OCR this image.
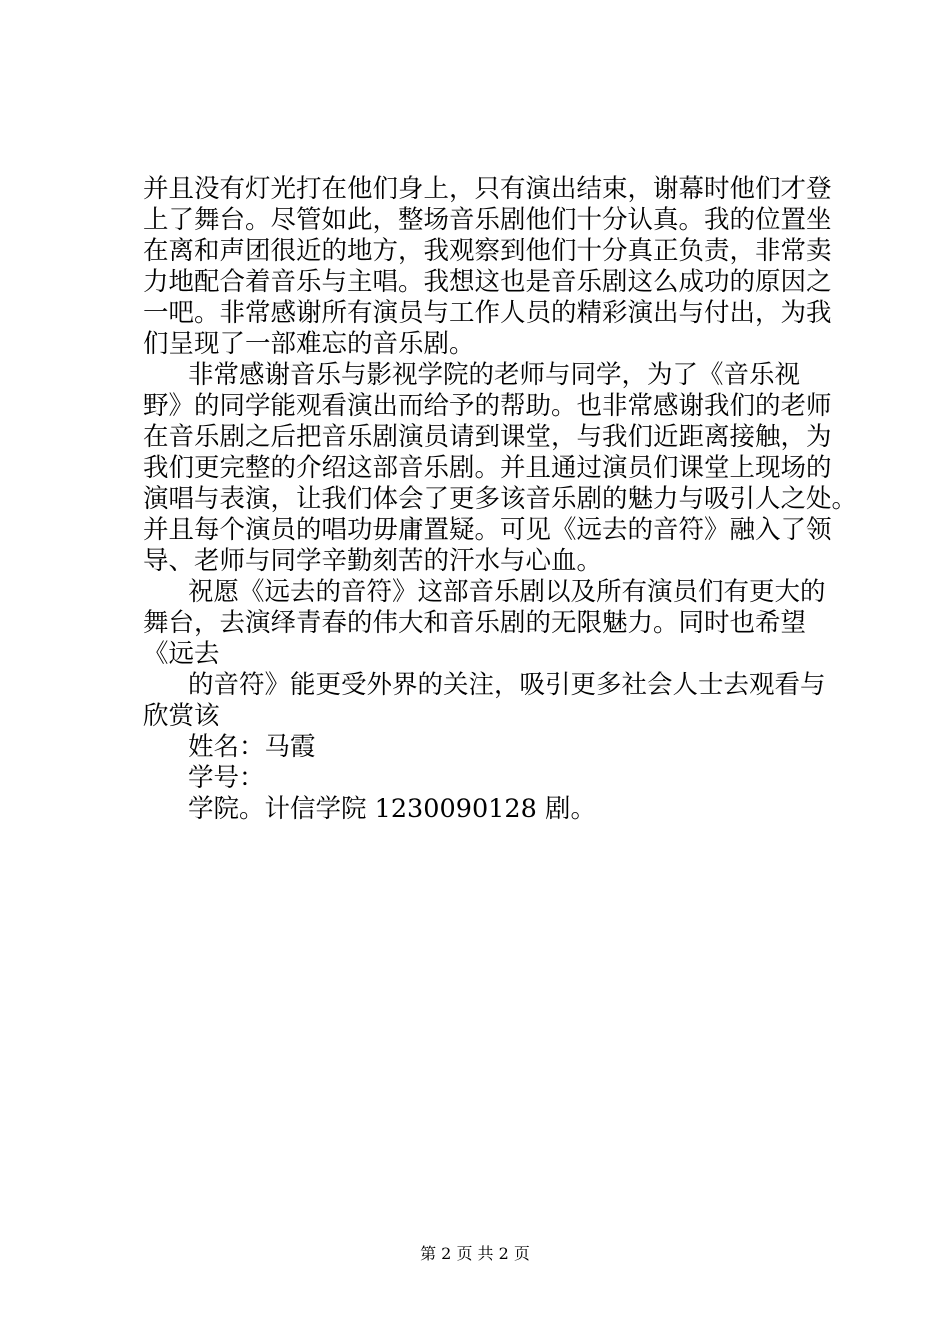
并且没有灯光打在他们身上，只有演出结束，谢幕时他们才登
上了舞台。尽管如此，整场音乐剧他们十分认真。我的位置坐
在离和声团很近的地方，我观察到他们十分真正负责，非常卖
力地配合着音乐与主唱。我想这也是音乐剧这么成功的原因之
一吧。非常感谢所有演员与工作人员的精彩演出与付出，为我
们呈现了一部难忘的音乐剧。
非常感谢音乐与影视学院的老师与同学，为了《音乐视
野》的同学能观看演出而给予的帮助。也非常感谢我们的老师
在音乐剧之后把音乐剧演员请到课堂，与我们近距离接触，为
我们更完整的介绍这部音乐剧。并且通过演员们课堂上现场的
演唱与表演，让我们体会了更多该音乐剧的魅力与吸引人之处。
并且每个演员的唱功毋庸置疑。可见《远去的音符》融入了领
导、老师与同学辛勤刻苦的汗水与心血。
祝愿《远去的音符》这部音乐剧以及所有演员们有更大的
舞台，去演绎青春的伟大和音乐剧的无限魅力。同时也希望
《远去
的音符》能更受外界的关注，吸引更多社会人士去观看与
欣赏该
姓名：马霞
学号：
学院。计信学院 1230090128 剧。
第 2 页 共 2 页
